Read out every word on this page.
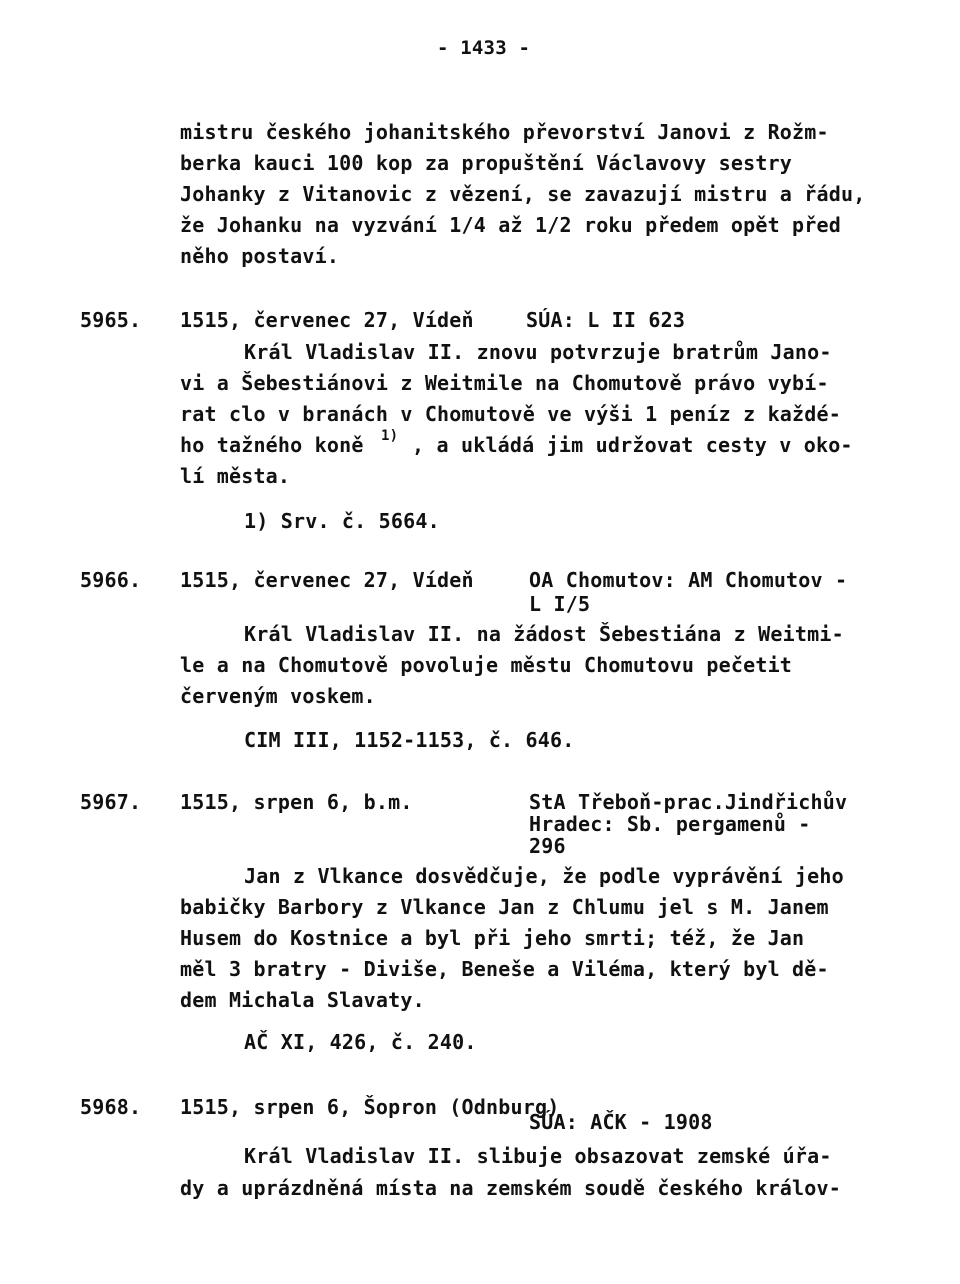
- 1433 -
mistru českého johanitského převorství Janovi z Rožm-
berka kauci 100 kop za propuštění Václavovy sestry
Johanky z Vitanovic z vězení, se zavazují mistru a řádu,
že Johanku na vyzvání 1/4 až 1/2 roku předem opět před
něho postaví.
5965. 1515, červenec 27, Vídeň	SÚA: L II 623
Král Vladislav II. znovu potvrzuje bratrům Jano-
vi a Šebestiánovi z Weitmile na Chomutově právo vybí-
rat clo v branách v Chomutově ve výši 1 peníz z každé-
ho tažného koně 1) , a ukládá jim udržovat cesty v oko-
lí města.
1) Srv. č. 5664.
5966. 1515, červenec 27, Vídeň	OA Chomutov: AM Chomutov -
L I/5
Král Vladislav II. na žádost Šebestiána z Weitmi-
le a na Chomutově povoluje městu Chomutovu pečetit
červeným voskem.
CIM III, 1152-1153, č. 646.
5967. 1515, srpen 6, b.m.	StA Třeboň-prac.Jindřichův
Hradec: Sb. pergamenů -
296
Jan z Vlkance dosvědčuje, že podle vyprávění jeho
babičky Barbory z Vlkance Jan z Chlumu jel s M. Janem
Husem do Kostnice a byl při jeho smrti; též, že Jan
měl 3 bratry - Diviše, Beneše a Viléma, který byl dě-
dem Michala Slavaty.
AČ XI, 426, č. 240.
5968. 1515, srpen 6, Šopron (Odnburg)
SÚA: AČK - 1908
Král Vladislav II. slibuje obsazovat zemské úřa-
dy a uprázdněná místa na zemském soudě českého králov-
